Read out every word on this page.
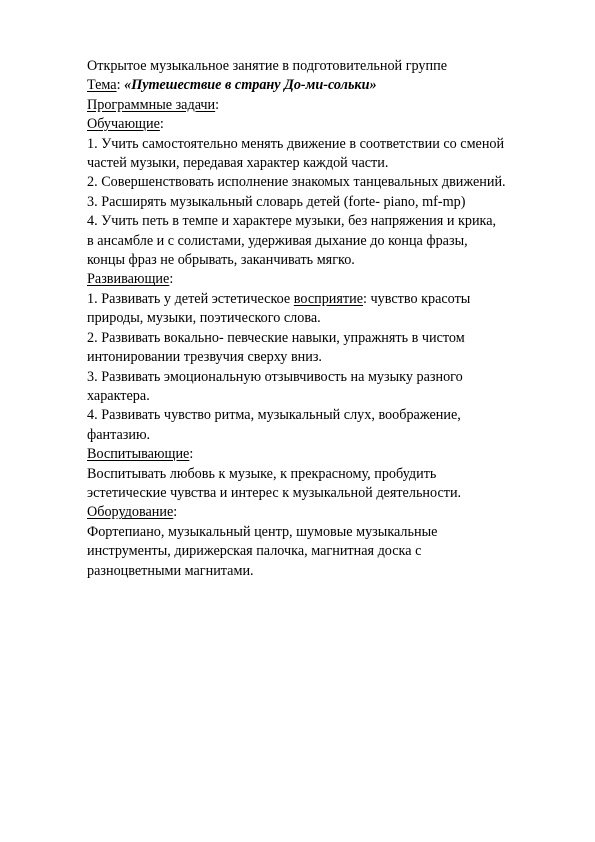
Открытое музыкальное занятие в подготовительной группе
Тема: «Путешествие в страну До-ми-сольки»
Программные задачи:
Обучающие:
1. Учить самостоятельно менять движение в соответствии со сменой
частей музыки, передавая характер каждой части.
2. Совершенствовать исполнение знакомых танцевальных движений.
3. Расширять музыкальный словарь детей (forte- piano, mf-mp)
4. Учить петь в темпе и характере музыки, без напряжения и крика,
в ансамбле и с солистами, удерживая дыхание до конца фразы,
концы фраз не обрывать, заканчивать мягко.
Развивающие:
1. Развивать у детей эстетическое восприятие: чувство красоты
природы, музыки, поэтического слова.
2. Развивать вокально- певческие навыки, упражнять в чистом
интонировании трезвучия сверху вниз.
3. Развивать эмоциональную отзывчивость на музыку разного
характера.
4. Развивать чувство ритма, музыкальный слух, воображение,
фантазию.
Воспитывающие:
Воспитывать любовь к музыке, к прекрасному, пробудить
эстетические чувства и интерес к музыкальной деятельности.
Оборудование:
Фортепиано, музыкальный центр, шумовые музыкальные
инструменты, дирижерская палочка, магнитная доска с
разноцветными магнитами.
